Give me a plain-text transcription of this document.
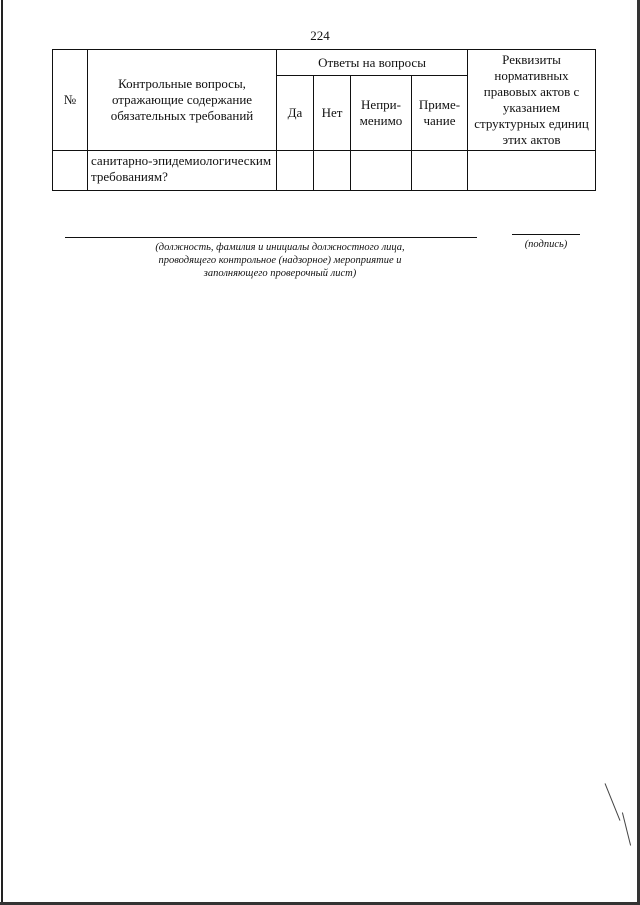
224
№	Контрольные вопросы, отражающие содержание обязательных требований	Ответы на вопросы				Реквизиты нормативных правовых актов с указанием структурных единиц этих актов
		Да	Нет	Непри-менимо	Приме-чание	
	санитарно-эпидемиологическим требованиям?					
(должность, фамилия и инициалы должностного лица, проводящего контрольное (надзорное) мероприятие и заполняющего проверочный лист)
(подпись)
